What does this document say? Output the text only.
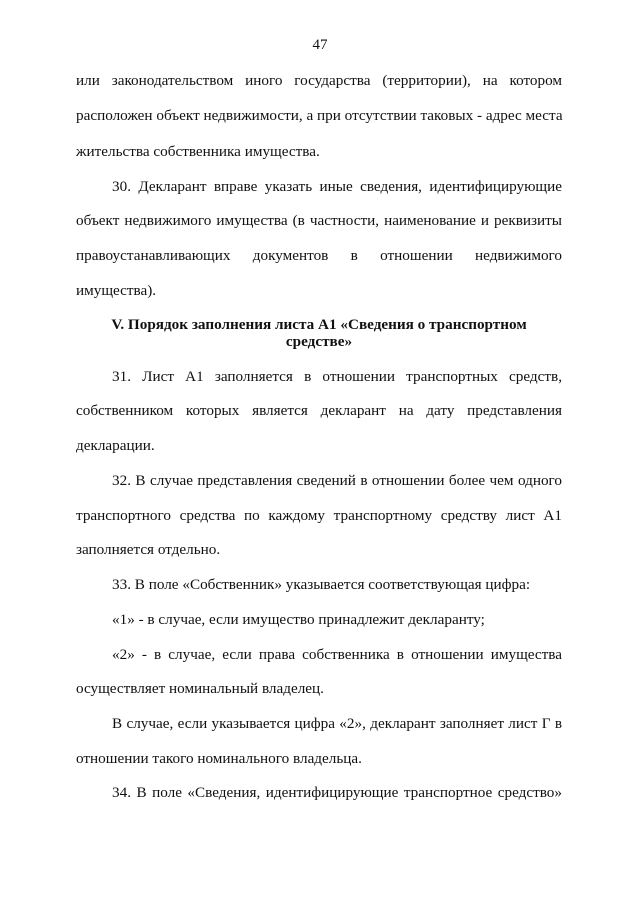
47
или законодательством иного государства (территории), на котором
расположен объект недвижимости, а при отсутствии таковых - адрес места
жительства собственника имущества.
30. Декларант вправе указать иные сведения, идентифицирующие
объект недвижимого имущества (в частности, наименование и реквизиты
правоустанавливающих документов в отношении недвижимого
имущества).
V. Порядок заполнения листа А1 «Сведения о транспортном
средстве»
31. Лист А1 заполняется в отношении транспортных средств,
собственником которых является декларант на дату представления
декларации.
32. В случае представления сведений в отношении более чем одного
транспортного средства по каждому транспортному средству лист А1
заполняется отдельно.
33. В поле «Собственник» указывается соответствующая цифра:
«1» - в случае, если имущество принадлежит декларанту;
«2» - в случае, если права собственника в отношении имущества
осуществляет номинальный владелец.
В случае, если указывается цифра «2», декларант заполняет лист Г в
отношении такого номинального владельца.
34. В поле «Сведения, идентифицирующие транспортное средство»
